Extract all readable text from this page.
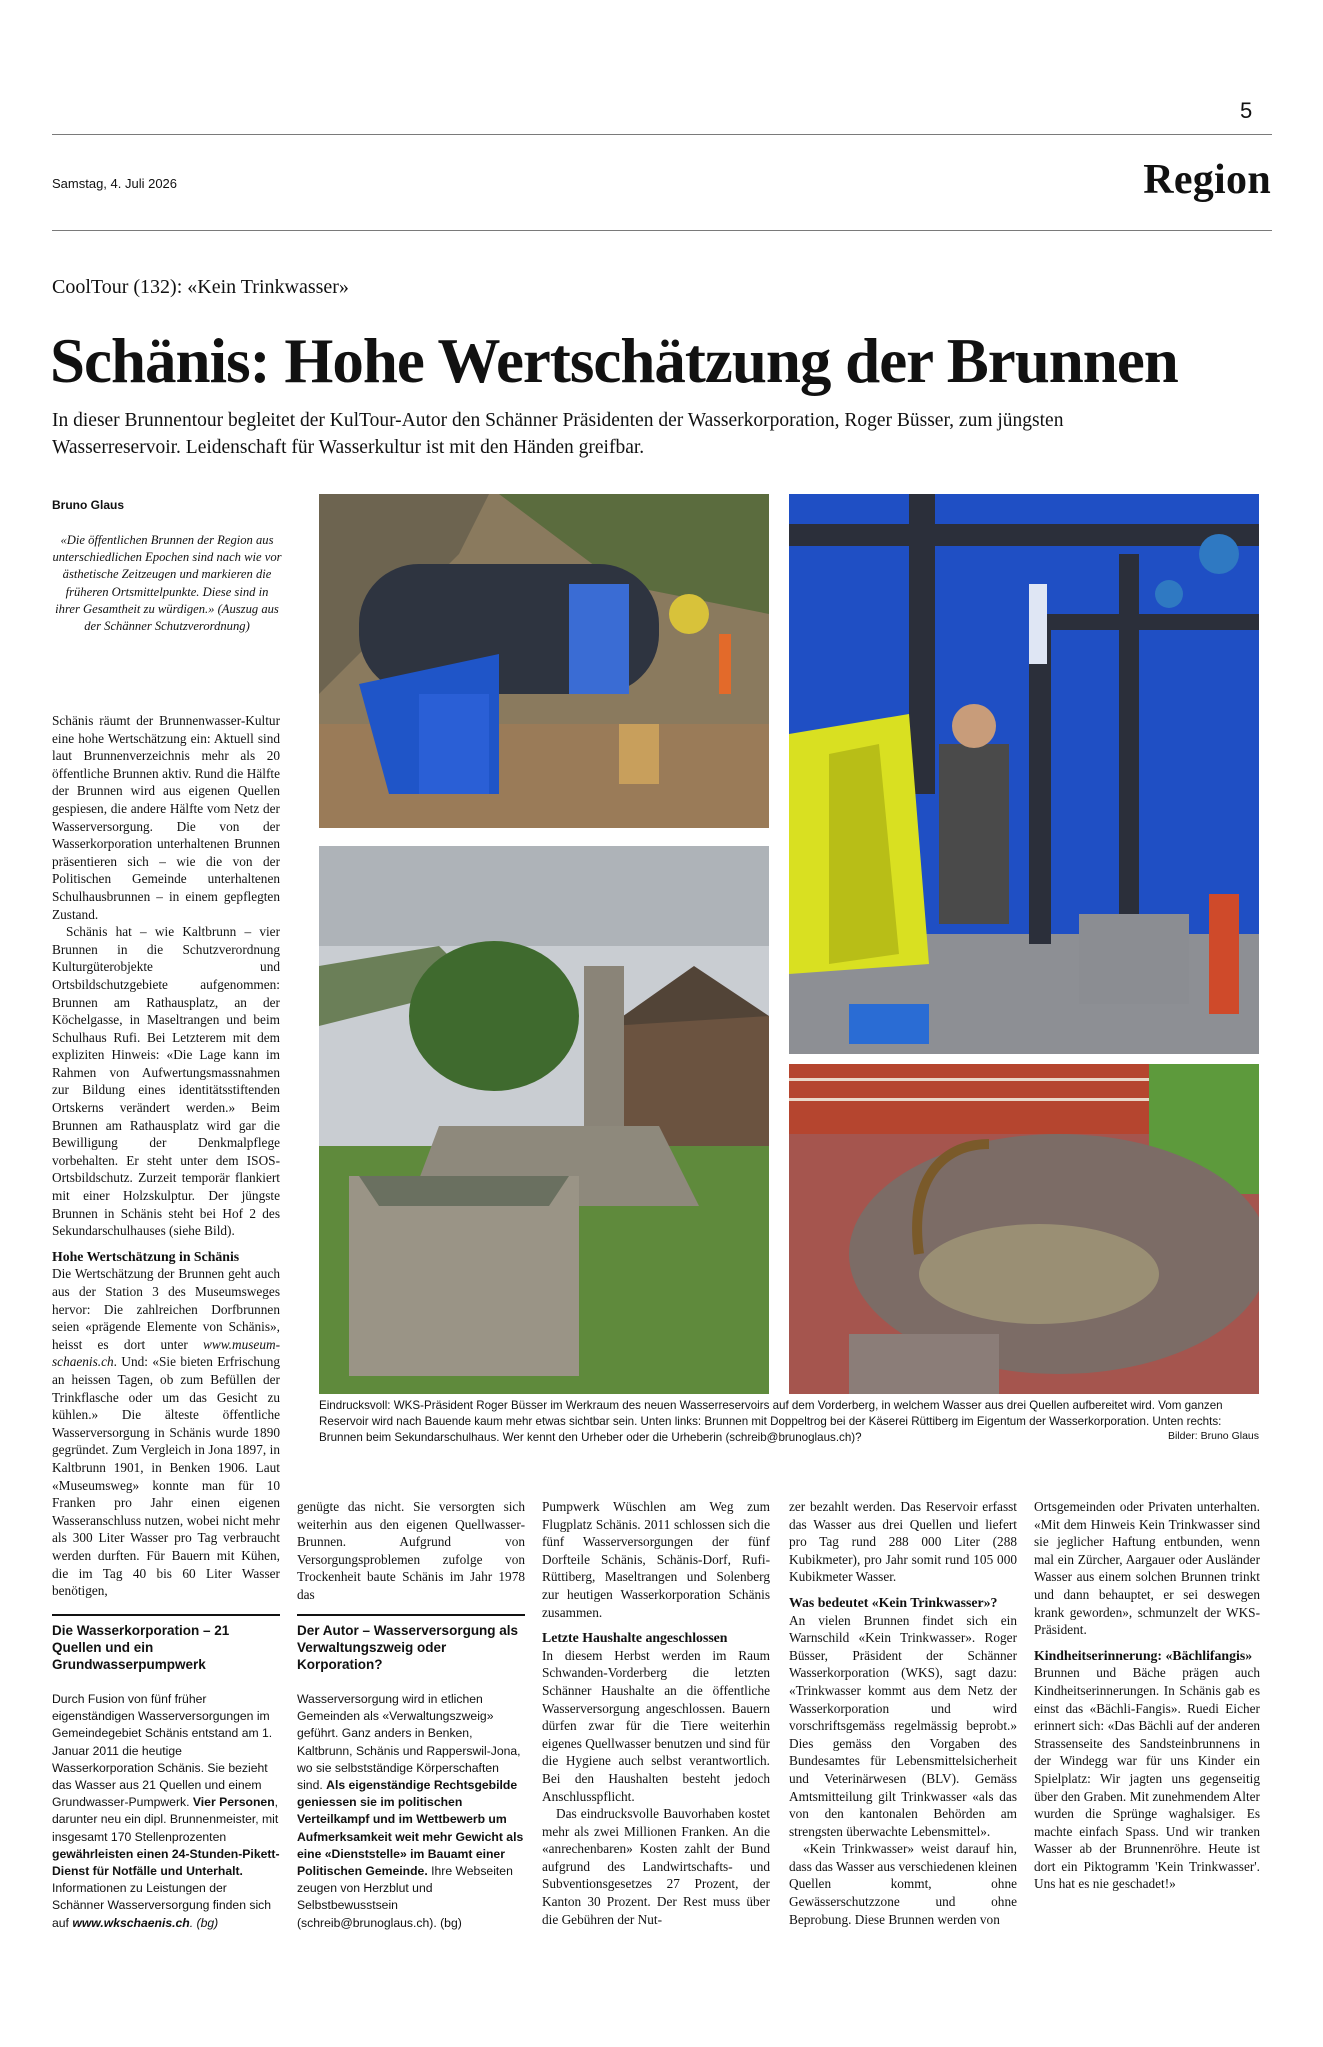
5
Samstag, 4. Juli 2026	Region
CoolTour (132): «Kein Trinkwasser»
Schänis: Hohe Wertschätzung der Brunnen
In dieser Brunnentour begleitet der KulTour-Autor den Schänner Präsidenten der Wasserkorporation, Roger Büsser, zum jüngsten Wasserreservoir. Leidenschaft für Wasserkultur ist mit den Händen greifbar.
Bruno Glaus
«Die öffentlichen Brunnen der Region aus unterschiedlichen Epochen sind nach wie vor ästhetische Zeitzeugen und markieren die früheren Ortsmittelpunkte. Diese sind in ihrer Gesamtheit zu würdigen.» (Auszug aus der Schänner Schutzverordnung)

Schänis räumt der Brunnenwasser-Kultur eine hohe Wertschätzung ein: Aktuell sind laut Brunnenverzeichnis mehr als 20 öffentliche Brunnen aktiv. Rund die Hälfte der Brunnen wird aus eigenen Quellen gespiesen, die andere Hälfte vom Netz der Wasserversorgung. Die von der Wasserkorporation unterhaltenen Brunnen präsentieren sich – wie die von der Politischen Gemeinde unterhaltenen Schulhausbrunnen – in einem gepflegten Zustand.

Schänis hat – wie Kaltbrunn – vier Brunnen in die Schutzverordnung Kulturgüterobjekte und Ortsbildschutzgebiete aufgenommen: Brunnen am Rathausplatz, an der Köchelgasse, in Maseltrangen und beim Schulhaus Rufi. Bei Letzterem mit dem expliziten Hinweis: «Die Lage kann im Rahmen von Aufwertungsmassnahmen zur Bildung eines identitätsstiftenden Ortskerns verändert werden.» Beim Brunnen am Rathausplatz wird gar die Bewilligung der Denkmalpflege vorbehalten. Er steht unter dem ISOS-Ortsbildschutz. Zurzeit temporär flankiert mit einer Holzskulptur. Der jüngste Brunnen in Schänis steht bei Hof 2 des Sekundarschulhauses (siehe Bild).

Hohe Wertschätzung in Schänis

Die Wertschätzung der Brunnen geht auch aus der Station 3 des Museumsweges hervor: Die zahlreichen Dorfbrunnen seien «prägende Elemente von Schänis», heisst es dort unter www.museum-schaenis.ch. Und: «Sie bieten Erfrischung an heissen Tagen, ob zum Befüllen der Trinkflasche oder um das Gesicht zu kühlen.» Die älteste öffentliche Wasserversorgung in Schänis wurde 1890 gegründet. Zum Vergleich in Jona 1897, in Kaltbrunn 1901, in Benken 1906. Laut «Museumsweg» konnte man für 10 Franken pro Jahr einen eigenen Wasseranschluss nutzen, wobei nicht mehr als 300 Liter Wasser pro Tag verbraucht werden durften. Für Bauern mit Kühen, die im Tag 40 bis 60 Liter Wasser benötigen,

Eindrucksvoll: WKS-Präsident Roger Büsser im Werkraum des neuen Wasserreservoirs auf dem Vorderberg, in welchem Wasser aus drei Quellen aufbereitet wird. Vom ganzen Reservoir wird nach Bauende kaum mehr etwas sichtbar sein. Unten links: Brunnen mit Doppeltrog bei der Käserei Rüttiberg im Eigentum der Wasserkorporation. Unten rechts: Brunnen beim Sekundarschulhaus. Wer kennt den Urheber oder die Urheberin (schreib@brunoglaus.ch)?	Bilder: Bruno Glaus

genügte das nicht. Sie versorgten sich weiterhin aus den eigenen Quellwasser-Brunnen. Aufgrund von Versorgungsproblemen zufolge von Trockenheit baute Schänis im Jahr 1978 das

Pumpwerk Wüschlen am Weg zum Flugplatz Schänis. 2011 schlossen sich die fünf Wasserversorgungen der fünf Dorfteile Schänis, Schänis-Dorf, Rufi-Rüttiberg, Maseltrangen und Solenberg zur heutigen Wasserkorporation Schänis zusammen.

Letzte Haushalte angeschlossen

In diesem Herbst werden im Raum Schwanden-Vorderberg die letzten Schänner Haushalte an die öffentliche Wasserversorgung angeschlossen. Bauern dürfen zwar für die Tiere weiterhin eigenes Quellwasser benutzen und sind für die Hygiene auch selbst verantwortlich. Bei den Haushalten besteht jedoch Anschlusspflicht.

Das eindrucksvolle Bauvorhaben kostet mehr als zwei Millionen Franken. An die «anrechenbaren» Kosten zahlt der Bund aufgrund des Landwirtschafts- und Subventionsgesetzes 27 Prozent, der Kanton 30 Prozent. Der Rest muss über die Gebühren der Nut-

zer bezahlt werden. Das Reservoir erfasst das Wasser aus drei Quellen und liefert pro Tag rund 288 000 Liter (288 Kubikmeter), pro Jahr somit rund 105 000 Kubikmeter Wasser.

Was bedeutet «Kein Trinkwasser»?

An vielen Brunnen findet sich ein Warnschild «Kein Trinkwasser». Roger Büsser, Präsident der Schänner Wasserkorporation (WKS), sagt dazu: «Trinkwasser kommt aus dem Netz der Wasserkorporation und wird vorschriftsgemäss regelmässig beprobt.» Dies gemäss den Vorgaben des Bundesamtes für Lebensmittelsicherheit und Veterinärwesen (BLV). Gemäss Amtsmitteilung gilt Trinkwasser «als das von den kantonalen Behörden am strengsten überwachte Lebensmittel».

«Kein Trinkwasser» weist darauf hin, dass das Wasser aus verschiedenen kleinen Quellen kommt, ohne Gewässerschutzzone und ohne Beprobung. Diese Brunnen werden von

Ortsgemeinden oder Privaten unterhalten. «Mit dem Hinweis Kein Trinkwasser sind sie jeglicher Haftung entbunden, wenn mal ein Zürcher, Aargauer oder Ausländer Wasser aus einem solchen Brunnen trinkt und dann behauptet, er sei deswegen krank geworden», schmunzelt der WKS-Präsident.

Kindheitserinnerung: «Bächlifangis»

Brunnen und Bäche prägen auch Kindheitserinnerungen. In Schänis gab es einst das «Bächli-Fangis». Ruedi Eicher erinnert sich: «Das Bächli auf der anderen Strassenseite des Sandsteinbrunnens in der Windegg war für uns Kinder ein Spielplatz: Wir jagten uns gegenseitig über den Graben. Mit zunehmendem Alter wurden die Sprünge waghalsiger. Es machte einfach Spass. Und wir tranken Wasser ab der Brunnenröhre. Heute ist dort ein Piktogramm 'Kein Trinkwasser'. Uns hat es nie geschadet!»

Die Wasserkorporation – 21 Quellen und ein Grundwasserpumpwerk
Durch Fusion von fünf früher eigenständigen Wasserversorgungen im Gemeindegebiet Schänis entstand am 1. Januar 2011 die heutige Wasserkorporation Schänis. Sie bezieht das Wasser aus 21 Quellen und einem Grundwasser-Pumpwerk. Vier Personen, darunter neu ein dipl. Brunnenmeister, mit insgesamt 170 Stellenprozenten gewährleisten einen 24-Stunden-Pikett-Dienst für Notfälle und Unterhalt. Informationen zu Leistungen der Schänner Wasserversorgung finden sich auf www.wkschaenis.ch. (bg)
Der Autor – Wasserversorgung als Verwaltungszweig oder Korporation?
Wasserversorgung wird in etlichen Gemeinden als «Verwaltungszweig» geführt. Ganz anders in Benken, Kaltbrunn, Schänis und Rapperswil-Jona, wo sie selbstständige Körperschaften sind. Als eigenständige Rechtsgebilde geniessen sie im politischen Verteilkampf und im Wettbewerb um Aufmerksamkeit weit mehr Gewicht als eine «Dienststelle» im Bauamt einer Politischen Gemeinde. Ihre Webseiten zeugen von Herzblut und Selbstbewusstsein (schreib@brunoglaus.ch). (bg)
